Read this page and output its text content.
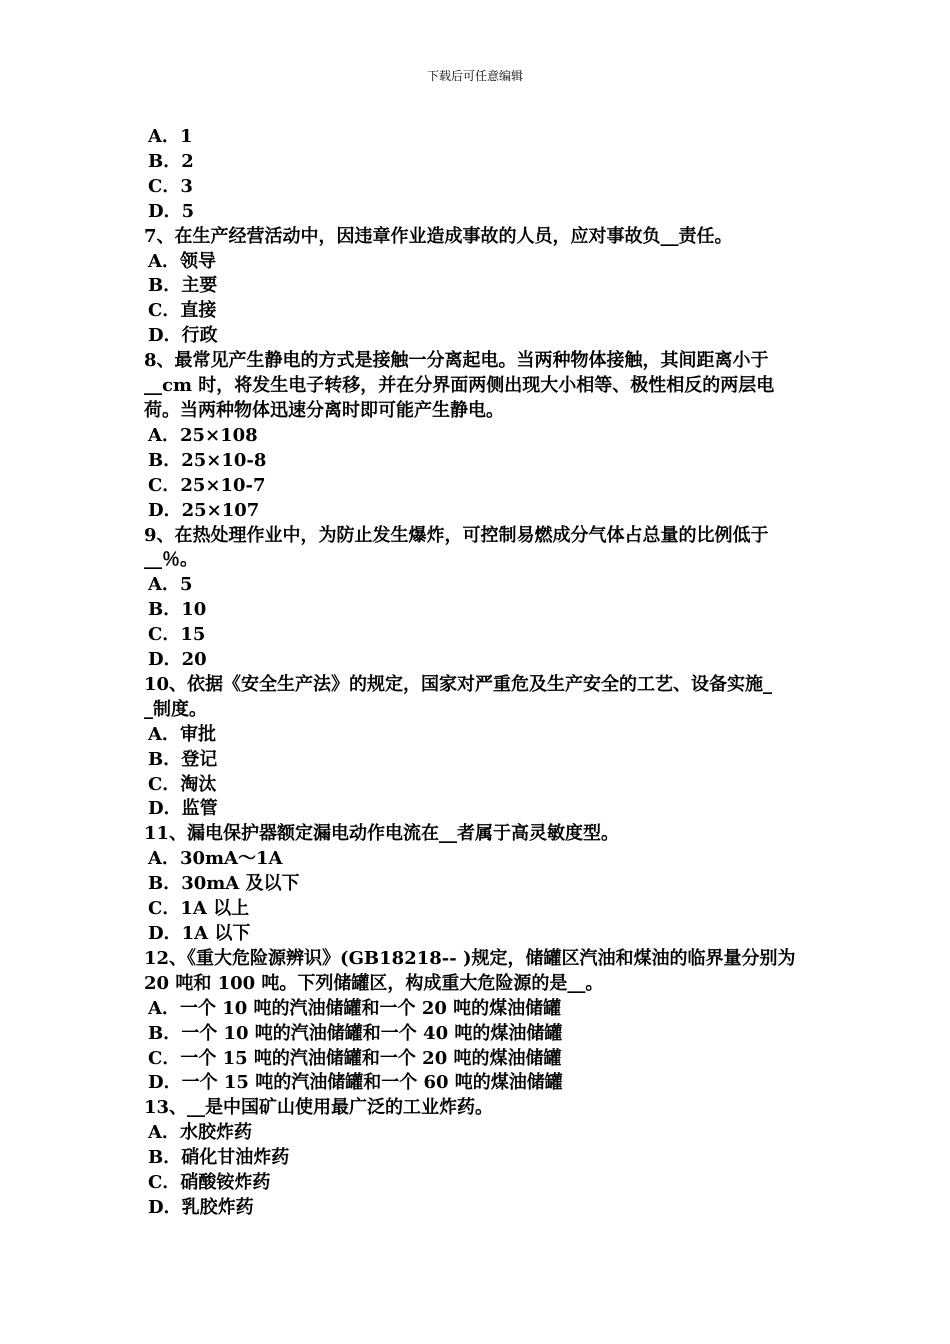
下载后可任意编辑
A．1
B．2
C．3
D．5
7、在生产经营活动中，因违章作业造成事故的人员，应对事故负__责任。
A．领导
B．主要
C．直接
D．行政
8、最常见产生静电的方式是接触一分离起电。当两种物体接触，其间距离小于
__cm 时，将发生电子转移，并在分界面两侧出现大小相等、极性相反的两层电
荷。当两种物体迅速分离时即可能产生静电。
A．25×108
B．25×10-8
C．25×10-7
D．25×107
9、在热处理作业中，为防止发生爆炸，可控制易燃成分气体占总量的比例低于
__％。
A．5
B．10
C．15
D．20
10、依据《安全生产法》的规定，国家对严重危及生产安全的工艺、设备实施_
_制度。
A．审批
B．登记
C．淘汰
D．监管
11、漏电保护器额定漏电动作电流在__者属于高灵敏度型。
A．30mA～1A
B．30mA 及以下
C．1A 以上
D．1A 以下
12、《重大危险源辨识》(GB18218-- )规定，储罐区汽油和煤油的临界量分别为
20 吨和 100 吨。下列储罐区，构成重大危险源的是__。
A．一个 10 吨的汽油储罐和一个 20 吨的煤油储罐
B．一个 10 吨的汽油储罐和一个 40 吨的煤油储罐
C．一个 15 吨的汽油储罐和一个 20 吨的煤油储罐
D．一个 15 吨的汽油储罐和一个 60 吨的煤油储罐
13、__是中国矿山使用最广泛的工业炸药。
A．水胶炸药
B．硝化甘油炸药
C．硝酸铵炸药
D．乳胶炸药
